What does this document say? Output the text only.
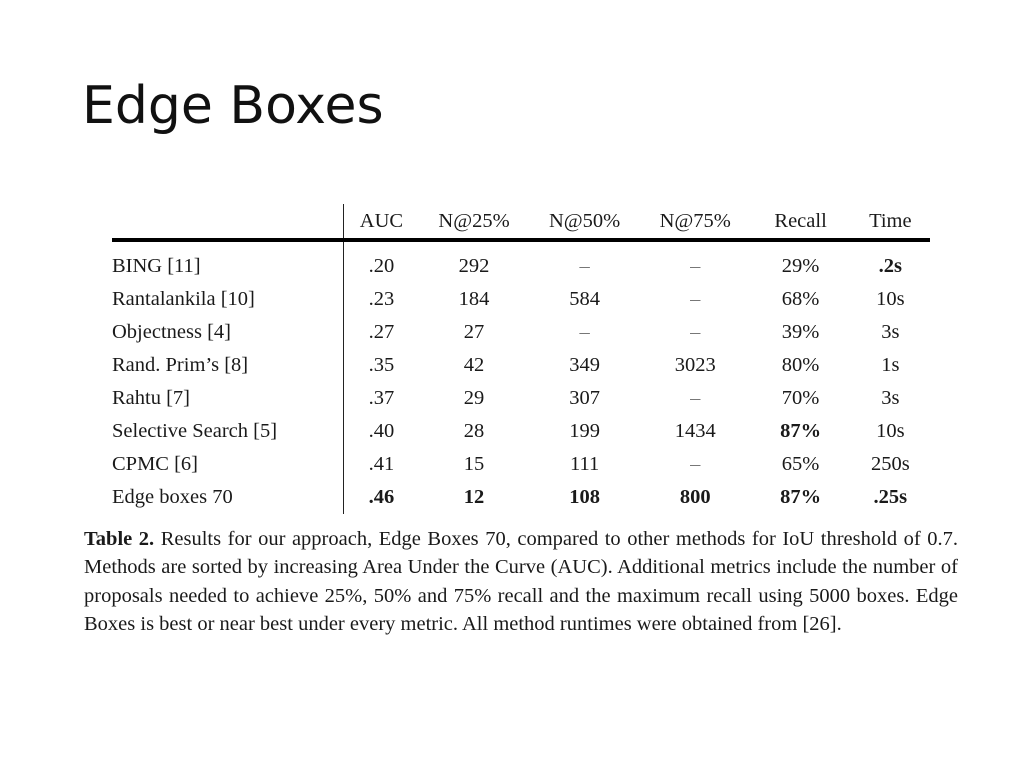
Edge Boxes
	AUC	N@25%	N@50%	N@75%	Recall	Time
BING [11]	.20	292	–	–	29%	.2s
Rantalankila [10]	.23	184	584	–	68%	10s
Objectness [4]	.27	27	–	–	39%	3s
Rand. Prim’s [8]	.35	42	349	3023	80%	1s
Rahtu [7]	.37	29	307	–	70%	3s
Selective Search [5]	.40	28	199	1434	87%	10s
CPMC [6]	.41	15	111	–	65%	250s
Edge boxes 70	.46	12	108	800	87%	.25s

Table 2. Results for our approach, Edge Boxes 70, compared to other methods for IoU threshold of 0.7. Methods are sorted by increasing Area Under the Curve (AUC). Additional metrics include the number of proposals needed to achieve 25%, 50% and 75% recall and the maximum recall using 5000 boxes. Edge Boxes is best or near best under every metric. All method runtimes were obtained from [26].
